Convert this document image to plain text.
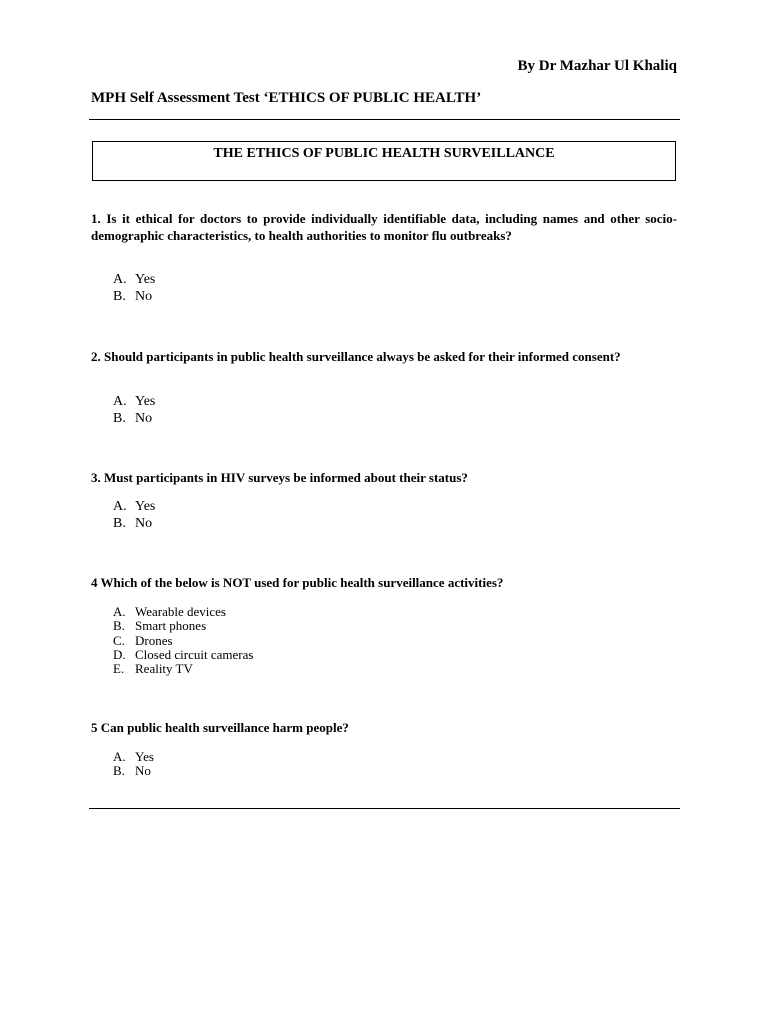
By Dr Mazhar Ul Khaliq
MPH Self Assessment Test ‘ETHICS OF PUBLIC HEALTH’
THE ETHICS OF PUBLIC HEALTH SURVEILLANCE
1. Is it ethical for doctors to provide individually identifiable data, including names and other socio-demographic characteristics, to health authorities to monitor flu outbreaks?
A. Yes
B. No
2. Should participants in public health surveillance always be asked for their informed consent?
A. Yes
B. No
3. Must participants in HIV surveys be informed about their status?
A. Yes
B. No
4 Which of the below is NOT used for public health surveillance activities?
A. Wearable devices
B. Smart phones
C. Drones
D. Closed circuit cameras
E. Reality TV
5 Can public health surveillance harm people?
A. Yes
B. No
